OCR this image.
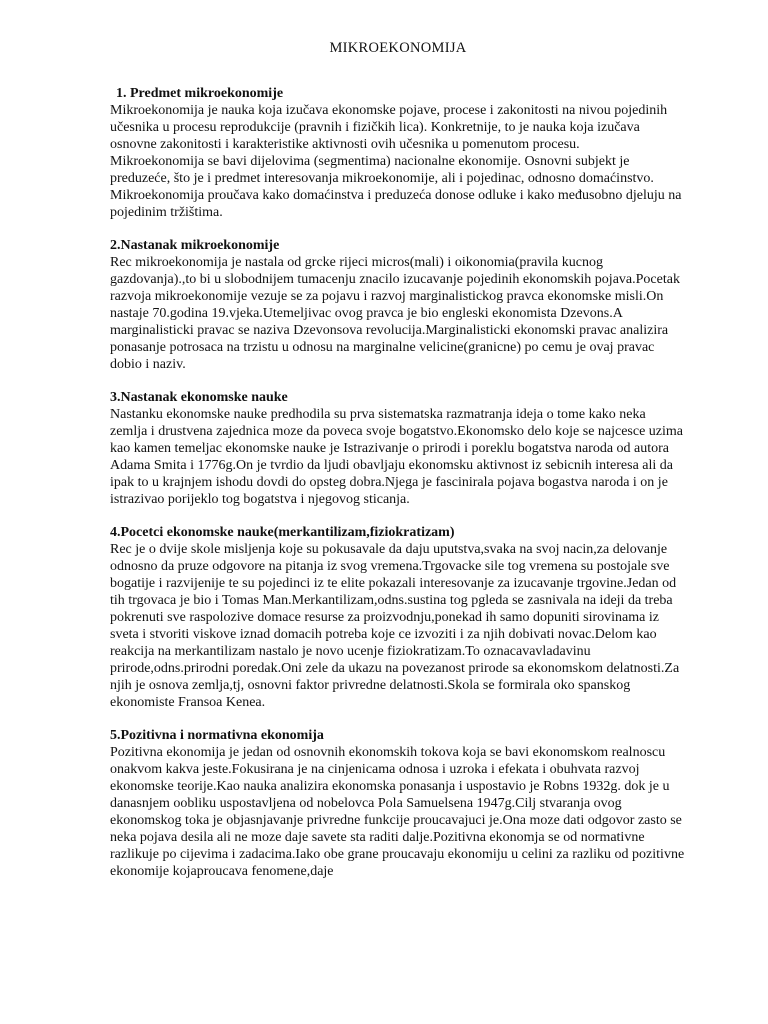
MIKROEKONOMIJA

1. Predmet mikroekonomije

Mikroekonomija je nauka koja izučava ekonomske pojave, procese i zakonitosti na nivou pojedinih učesnika u procesu reprodukcije (pravnih i fizičkih lica). Konkretnije, to je nauka koja izučava osnovne zakonitosti i karakteristike aktivnosti ovih učesnika u pomenutom procesu.

Mikroekonomija se bavi dijelovima (segmentima) nacionalne ekonomije. Osnovni subjekt je preduzeće, što je i predmet interesovanja mikroekonomije, ali i pojedinac, odnosno domaćinstvo. Mikroekonomija proučava kako domaćinstva i preduzeća donose odluke i kako međusobno djeluju na pojedinim tržištima.

2.Nastanak mikroekonomije

Rec mikroekonomija je nastala od grcke rijeci micros(mali) i oikonomia(pravila kucnog gazdovanja).,to bi u slobodnijem tumacenju znacilo izucavanje pojedinih ekonomskih pojava.Pocetak razvoja mikroekonomije vezuje se za pojavu i razvoj marginalistickog pravca ekonomske misli.On nastaje 70.godina 19.vjeka.Utemeljivac ovog pravca je bio engleski ekonomista Dzevons.A marginalisticki pravac se naziva Dzevonsova revolucija.Marginalisticki ekonomski pravac analizira ponasanje potrosaca na trzistu u odnosu na marginalne velicine(granicne) po cemu je ovaj pravac dobio i naziv.

3.Nastanak ekonomske nauke

Nastanku ekonomske nauke predhodila su prva sistematska razmatranja ideja o tome kako neka zemlja i drustvena zajednica moze da poveca svoje bogatstvo.Ekonomsko delo koje se najcesce uzima kao kamen temeljac ekonomske nauke je Istrazivanje o prirodi i poreklu bogatstva naroda od autora Adama Smita i 1776g.On je tvrdio da ljudi obavljaju ekonomsku aktivnost iz sebicnih interesa ali da ipak to u krajnjem ishodu dovdi do opsteg dobra.Njega je fascinirala pojava bogastva naroda i on je istrazivao porijeklo tog bogatstva i njegovog sticanja.

4.Pocetci ekonomske nauke(merkantilizam,fiziokratizam)

Rec je o dvije skole misljenja koje su pokusavale da daju uputstva,svaka na svoj nacin,za delovanje odnosno da pruze odgovore na pitanja iz svog vremena.Trgovacke sile tog vremena su postojale sve bogatije i razvijenije te su pojedinci iz te elite pokazali interesovanje za izucavanje trgovine.Jedan od tih trgovaca je bio i Tomas Man.Merkantilizam,odns.sustina tog pgleda se zasnivala na ideji da treba pokrenuti sve raspolozive domace resurse za proizvodnju,ponekad ih samo dopuniti sirovinama iz sveta i stvoriti viskove iznad domacih potreba koje ce izvoziti i za njih dobivati novac.Delom kao reakcija na merkantilizam nastalo je novo ucenje fiziokratizam.To oznacavavladavinu prirode,odns.prirodni poredak.Oni zele da ukazu na povezanost prirode sa ekonomskom delatnosti.Za njih je osnova zemlja,tj, osnovni faktor privredne delatnosti.Skola se formirala oko spanskog ekonomiste Fransoa Kenea.

5.Pozitivna i normativna ekonomija

Pozitivna ekonomija je jedan od osnovnih ekonomskih tokova koja se bavi ekonomskom realnoscu onakvom kakva jeste.Fokusirana je na cinjenicama odnosa i uzroka i efekata i obuhvata razvoj ekonomske teorije.Kao nauka analizira ekonomska ponasanja i uspostavio je Robns 1932g. dok je u danasnjem oobliku uspostavljena od nobelovca Pola Samuelsena 1947g.Cilj stvaranja ovog ekonomskog toka je objasnjavanje privredne funkcije proucavajuci je.Ona moze dati odgovor zasto se neka pojava desila ali ne moze daje savete sta raditi dalje.Pozitivna ekonomja se od normativne razlikuje po cijevima i zadacima.Iako obe grane proucavaju ekonomiju u celini za razliku od pozitivne ekonomije kojaproucava fenomene,daje
